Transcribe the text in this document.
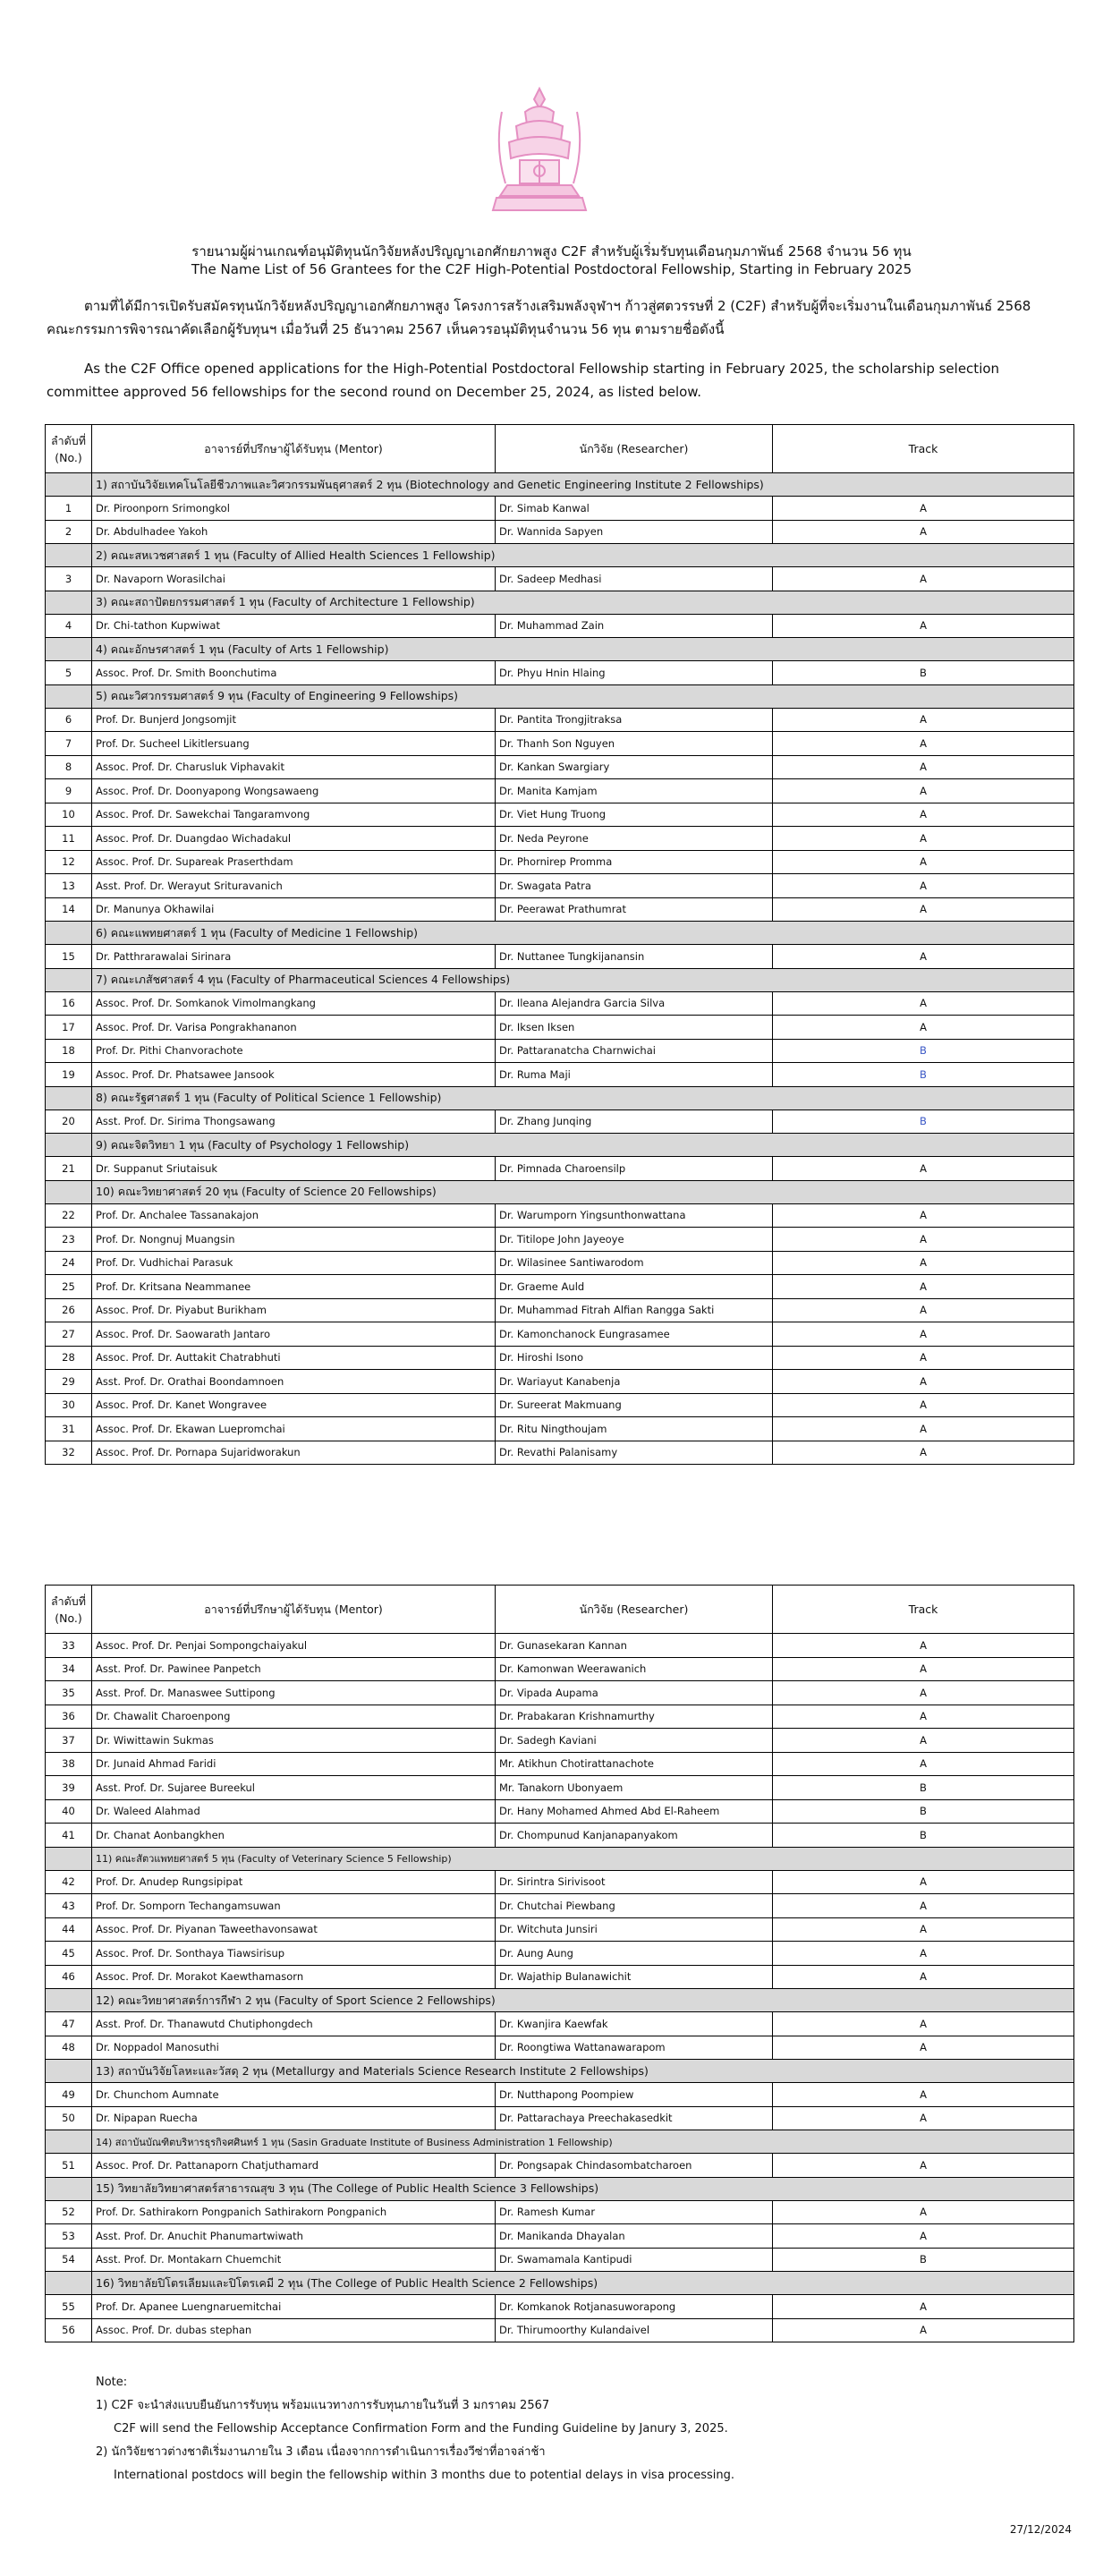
รายนามผู้ผ่านเกณฑ์อนุมัติทุนนักวิจัยหลังปริญญาเอกศักยภาพสูง C2F สำหรับผู้เริ่มรับทุนเดือนกุมภาพันธ์ 2568 จำนวน 56 ทุน
The Name List of 56 Grantees for the C2F High-Potential Postdoctoral Fellowship, Starting in February 2025
ตามที่ได้มีการเปิดรับสมัครทุนนักวิจัยหลังปริญญาเอกศักยภาพสูง โครงการสร้างเสริมพลังจุฬาฯ ก้าวสู่ศตวรรษที่ 2 (C2F) สำหรับผู้ที่จะเริ่มงานในเดือนกุมภาพันธ์ 2568
คณะกรรมการพิจารณาคัดเลือกผู้รับทุนฯ เมื่อวันที่ 25 ธันวาคม 2567 เห็นควรอนุมัติทุนจำนวน 56 ทุน ตามรายชื่อดังนี้
As the C2F Office opened applications for the High-Potential Postdoctoral Fellowship starting in February 2025, the scholarship selection
committee approved 56 fellowships for the second round on December 25, 2024, as listed below.
ลำดับที่
(No.)	อาจารย์ที่ปรึกษาผู้ได้รับทุน (Mentor)	นักวิจัย (Researcher)	Track
	1) สถาบันวิจัยเทคโนโลยีชีวภาพและวิศวกรรมพันธุศาสตร์ 2 ทุน (Biotechnology and Genetic Engineering Institute 2 Fellowships)		
1	Dr. Piroonporn Srimongkol	Dr. Simab Kanwal	A
2	Dr. Abdulhadee Yakoh	Dr. Wannida Sapyen	A
	2) คณะสหเวชศาสตร์ 1 ทุน (Faculty of Allied Health Sciences 1 Fellowship)		
3	Dr. Navaporn Worasilchai	Dr. Sadeep Medhasi	A
	3) คณะสถาปัตยกรรมศาสตร์ 1 ทุน (Faculty of Architecture 1 Fellowship)		
4	Dr. Chi-tathon Kupwiwat	Dr. Muhammad Zain	A
	4) คณะอักษรศาสตร์ 1 ทุน (Faculty of Arts 1 Fellowship)		
5	Assoc. Prof. Dr. Smith Boonchutima	Dr. Phyu Hnin Hlaing	B
	5) คณะวิศวกรรมศาสตร์ 9 ทุน (Faculty of Engineering 9 Fellowships)		
6	Prof. Dr. Bunjerd Jongsomjit	Dr. Pantita Trongjitraksa	A
7	Prof. Dr. Sucheel Likitlersuang	Dr. Thanh Son Nguyen	A
8	Assoc. Prof. Dr. Charusluk Viphavakit	Dr. Kankan Swargiary	A
9	Assoc. Prof. Dr. Doonyapong Wongsawaeng	Dr. Manita Kamjam	A
10	Assoc. Prof. Dr. Sawekchai Tangaramvong	Dr. Viet Hung Truong	A
11	Assoc. Prof. Dr. Duangdao Wichadakul	Dr. Neda Peyrone	A
12	Assoc. Prof. Dr. Supareak Praserthdam	Dr. Phornirep Promma	A
13	Asst. Prof. Dr. Werayut Srituravanich	Dr. Swagata Patra	A
14	Dr. Manunya Okhawilai	Dr. Peerawat Prathumrat	A
	6) คณะแพทยศาสตร์ 1 ทุน (Faculty of Medicine 1 Fellowship)		
15	Dr. Patthrarawalai Sirinara	Dr. Nuttanee Tungkijanansin	A
	7) คณะเภสัชศาสตร์ 4 ทุน (Faculty of Pharmaceutical Sciences 4 Fellowships)		
16	Assoc. Prof. Dr. Somkanok Vimolmangkang	Dr. Ileana Alejandra Garcia Silva	A
17	Assoc. Prof. Dr. Varisa Pongrakhananon	Dr. Iksen Iksen	A
18	Prof. Dr. Pithi Chanvorachote	Dr. Pattaranatcha Charnwichai	B
19	Assoc. Prof. Dr. Phatsawee Jansook	Dr. Ruma Maji	B
	8) คณะรัฐศาสตร์ 1 ทุน (Faculty of Political Science 1 Fellowship)		
20	Asst. Prof. Dr. Sirima Thongsawang	Dr. Zhang Junqing	B
	9) คณะจิตวิทยา 1 ทุน (Faculty of Psychology 1 Fellowship)		
21	Dr. Suppanut Sriutaisuk	Dr. Pimnada Charoensilp	A
	10) คณะวิทยาศาสตร์ 20 ทุน (Faculty of Science 20 Fellowships)		
22	Prof. Dr. Anchalee Tassanakajon	Dr. Warumporn Yingsunthonwattana	A
23	Prof. Dr. Nongnuj Muangsin	Dr. Titilope John Jayeoye	A
24	Prof. Dr. Vudhichai Parasuk	Dr. Wilasinee Santiwarodom	A
25	Prof. Dr. Kritsana Neammanee	Dr. Graeme Auld	A
26	Assoc. Prof. Dr. Piyabut Burikham	Dr. Muhammad Fitrah Alfian Rangga Sakti	A
27	Assoc. Prof. Dr. Saowarath Jantaro	Dr. Kamonchanock Eungrasamee	A
28	Assoc. Prof. Dr. Auttakit Chatrabhuti	Dr. Hiroshi Isono	A
29	Asst. Prof. Dr. Orathai Boondamnoen	Dr. Wariayut Kanabenja	A
30	Assoc. Prof. Dr. Kanet Wongravee	Dr. Sureerat Makmuang	A
31	Assoc. Prof. Dr. Ekawan Luepromchai	Dr. Ritu Ningthoujam	A
32	Assoc. Prof. Dr. Pornapa Sujaridworakun	Dr. Revathi Palanisamy	A
ลำดับที่
(No.)	อาจารย์ที่ปรึกษาผู้ได้รับทุน (Mentor)	นักวิจัย (Researcher)	Track
33	Assoc. Prof. Dr. Penjai Sompongchaiyakul	Dr. Gunasekaran Kannan	A
34	Asst. Prof. Dr. Pawinee Panpetch	Dr. Kamonwan Weerawanich	A
35	Asst. Prof. Dr. Manaswee Suttipong	Dr. Vipada Aupama	A
36	Dr. Chawalit Charoenpong	Dr. Prabakaran Krishnamurthy	A
37	Dr. Wiwittawin Sukmas	Dr. Sadegh Kaviani	A
38	Dr. Junaid Ahmad Faridi	Mr. Atikhun Chotirattanachote	A
39	Asst. Prof. Dr. Sujaree Bureekul	Mr. Tanakorn Ubonyaem	B
40	Dr. Waleed Alahmad	Dr. Hany Mohamed Ahmed Abd El-Raheem	B
41	Dr. Chanat Aonbangkhen	Dr. Chompunud Kanjanapanyakom	B
	11) คณะสัตวแพทยศาสตร์ 5 ทุน (Faculty of Veterinary Science 5 Fellowship)		
42	Prof. Dr. Anudep Rungsipipat	Dr. Sirintra Sirivisoot	A
43	Prof. Dr. Somporn Techangamsuwan	Dr. Chutchai Piewbang	A
44	Assoc. Prof. Dr. Piyanan Taweethavonsawat	Dr. Witchuta Junsiri	A
45	Assoc. Prof. Dr. Sonthaya Tiawsirisup	Dr. Aung Aung	A
46	Assoc. Prof. Dr. Morakot Kaewthamasorn	Dr. Wajathip Bulanawichit	A
	12) คณะวิทยาศาสตร์การกีฬา 2 ทุน (Faculty of Sport Science 2 Fellowships)		
47	Asst. Prof. Dr. Thanawutd Chutiphongdech	Dr. Kwanjira Kaewfak	A
48	Dr. Noppadol Manosuthi	Dr. Roongtiwa Wattanawarapom	A
	13) สถาบันวิจัยโลหะและวัสดุ 2 ทุน (Metallurgy and Materials Science Research Institute 2 Fellowships)		
49	Dr. Chunchom Aumnate	Dr. Nutthapong Poompiew	A
50	Dr. Nipapan Ruecha	Dr. Pattarachaya Preechakasedkit	A
	14) สถาบันบัณฑิตบริหารธุรกิจศศินทร์ 1 ทุน (Sasin Graduate Institute of Business Administration 1 Fellowship)		
51	Assoc. Prof. Dr. Pattanaporn Chatjuthamard	Dr. Pongsapak Chindasombatcharoen	A
	15) วิทยาลัยวิทยาศาสตร์สาธารณสุข 3 ทุน (The College of Public Health Science 3 Fellowships)		
52	Prof. Dr. Sathirakorn Pongpanich Sathirakorn Pongpanich	Dr. Ramesh Kumar	A
53	Asst. Prof. Dr. Anuchit Phanumartwiwath	Dr. Manikanda Dhayalan	A
54	Asst. Prof. Dr. Montakarn Chuemchit	Dr. Swamamala Kantipudi	B
	16) วิทยาลัยปิโตรเลียมและปิโตรเคมี 2 ทุน (The College of Public Health Science 2 Fellowships)		
55	Prof. Dr. Apanee Luengnaruemitchai	Dr. Komkanok Rotjanasuworapong	A
56	Assoc. Prof. Dr. dubas stephan	Dr. Thirumoorthy Kulandaivel	A
Note:
1) C2F จะนำส่งแบบยืนยันการรับทุน พร้อมแนวทางการรับทุนภายในวันที่ 3 มกราคม 2567
C2F will send the Fellowship Acceptance Confirmation Form and the Funding Guideline by Janury 3, 2025.
2) นักวิจัยชาวต่างชาติเริ่มงานภายใน 3 เดือน เนื่องจากการดำเนินการเรื่องวีซ่าที่อาจล่าช้า
International postdocs will begin the fellowship within 3 months due to potential delays in visa processing.
27/12/2024
